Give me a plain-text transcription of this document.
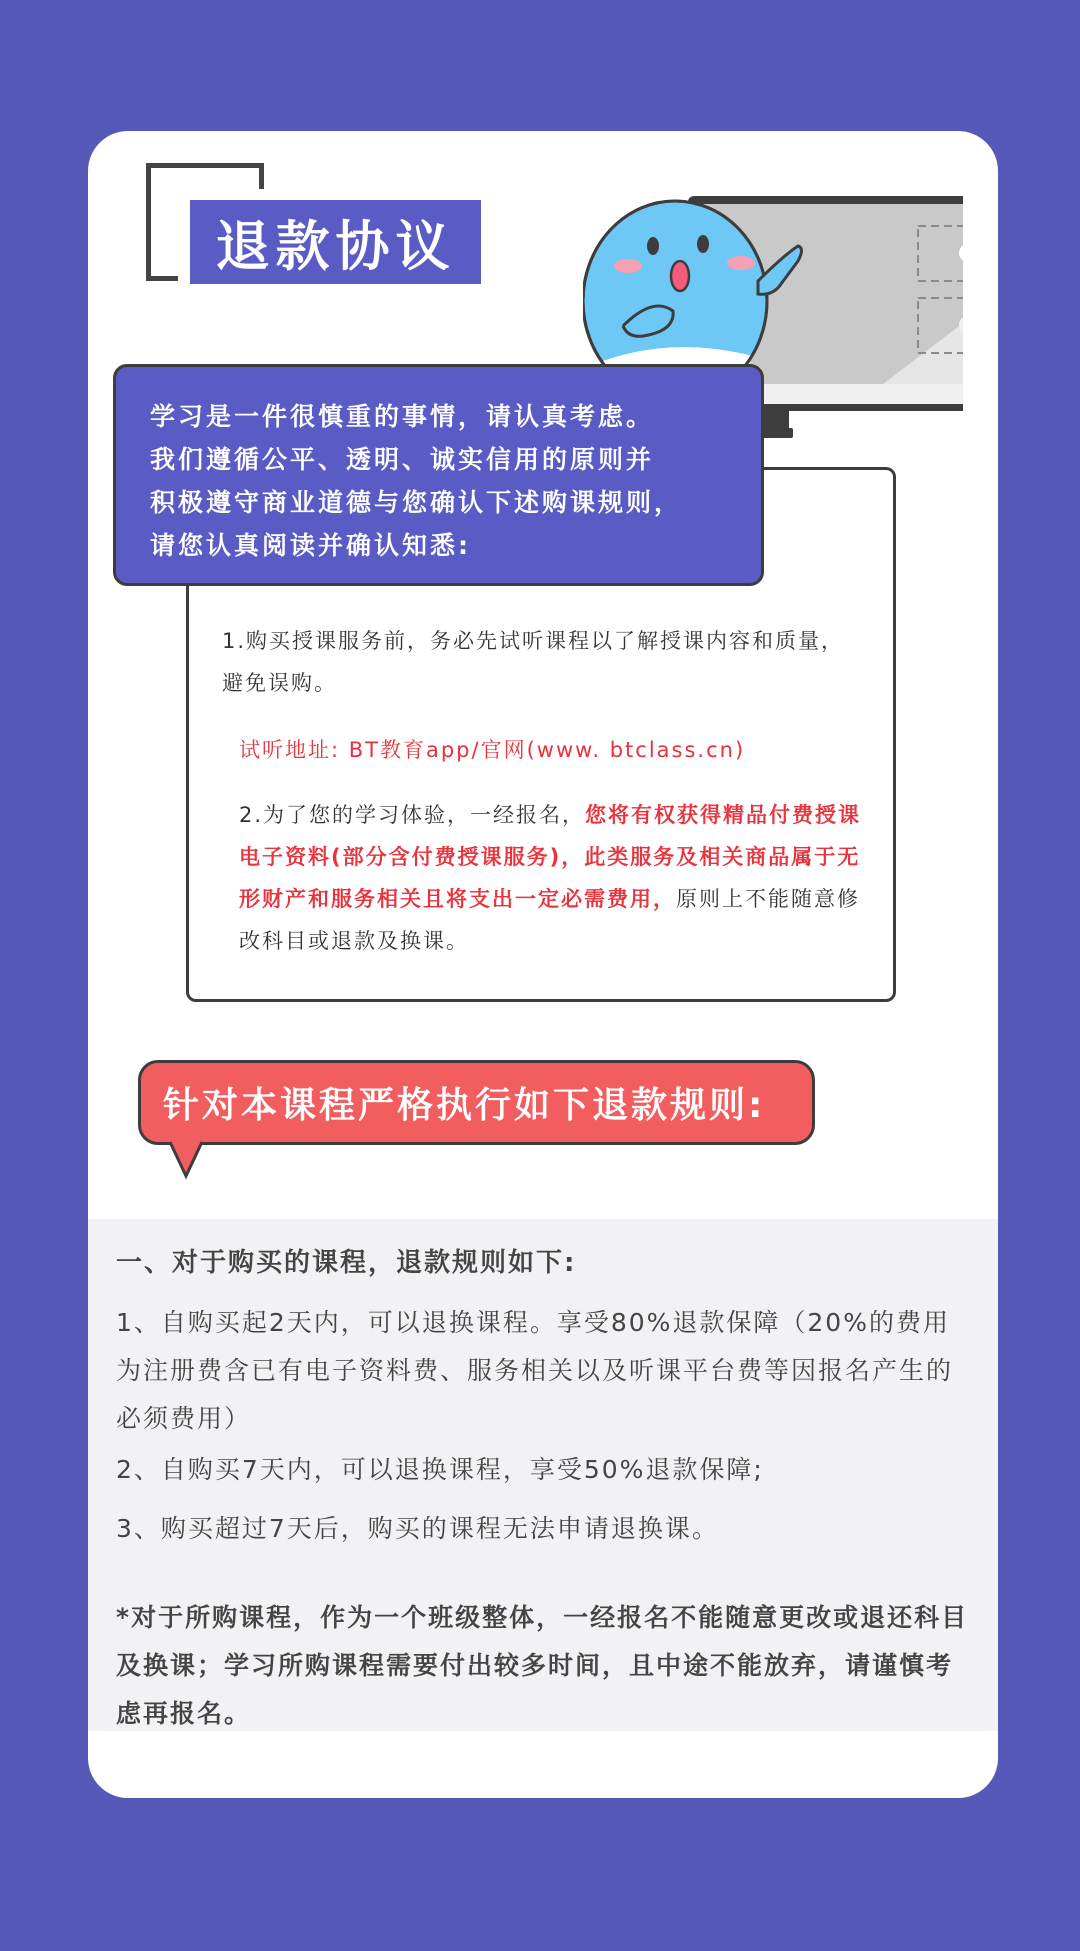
退款协议

学习是一件很慎重的事情，请认真考虑。

我们遵循公平、透明、诚实信用的原则并

积极遵守商业道德与您确认下述购课规则，

请您认真阅读并确认知悉:

1.购买授课服务前，务必先试听课程以了解授课内容和质量，避免误购。

试听地址: BT教育app/官网(www. btclass.cn)

2.为了您的学习体验，一经报名，您将有权获得精品付费授课电子资料(部分含付费授课服务)，此类服务及相关商品属于无形财产和服务相关且将支出一定必需费用，原则上不能随意修改科目或退款及换课。

针对本课程严格执行如下退款规则:

一、对于购买的课程，退款规则如下:

1、自购买起2天内，可以退换课程。享受80%退款保障（20%的费用为注册费含已有电子资料费、服务相关以及听课平台费等因报名产生的必须费用）

2、自购买7天内，可以退换课程，享受50%退款保障;

3、购买超过7天后，购买的课程无法申请退换课。

*对于所购课程，作为一个班级整体，一经报名不能随意更改或退还科目及换课；学习所购课程需要付出较多时间，且中途不能放弃，请谨慎考虑再报名。
